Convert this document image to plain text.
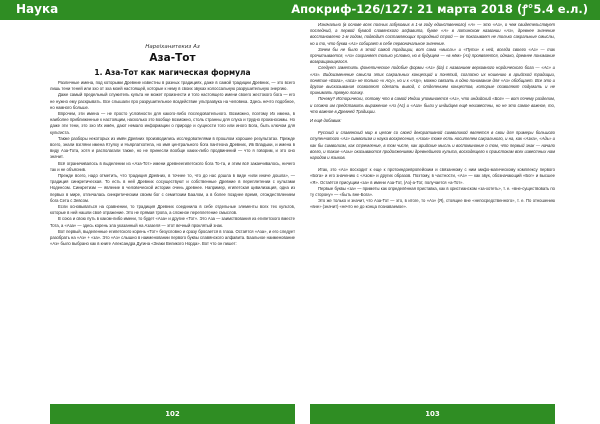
Наука	Апокриф-126/127: 21 марта 2018 (ꝭ°5.4 е.л.)
Нареіханитекиз Аз
Аза-Тот
1. Аза-Тот как магическая формула

Различные имена, под которыми Древние известны в разных традициях, даже в самой традиции Древних, — это всего лишь тени теней или эхо от эха моей настоящей, которые к нему в своих звуках колоссальную разрушительную энергию.

Даже самый предельный служитель культа не может произнести и того настоящего имени своего жестокого бога — его не нужно ему раскрывать. Все слышали про разрушительное воздействие ультразвука на человека. Здесь нечто подобное, но намного больше.

Впрочем, эти имена — не просто условности для какого-либо последовательного. Возможно, поэтому Их имена, в наиболее приближенные к настоящим, насколько это вообще возможно, столь странны для слуха и трудно произносимы. Но даже эти тени, это эхо Их имён, дают немало информации о природе и сущности того или иного Бога, быть ключом для культиста.

Также разборы некоторых из имён Древних производились исследователями в прошлом хорошее результатах. Прежде всего, знали взгляни имена Ктулху и Ньярлатхотепа, но имя центрального бога пантеона Древних, Ив Владыки, и имена в виду Аза-Тота, хотя и располагали также, но не принесли вообще каких-либо продвинений — что я говорим, и это оно значит.

Всё ограничивалось в выделении из «Аза-Тот» имени древнеегипетского бога То-тa, и этим всё заканчивалось, ничего так и не объяснив.

Прежде всего, надо отметить, что традиция Древних, в точнее то, что до нас дошла в виде «или иначе дошла», — традиция синкретическая. То есть в ней Древних сосуществуют и собственные Древние в переплетении с культами Ноденсом. Синкретизм — явление в человеческой истории очень древнее. Например, египетская цивилизация, одна из первых в мире, отличалась синкретическим своим бог с семитским Баалом, а в более позднее время, отождествлением бога Сета с Зевсом.

Если основываться на сравнении, то традиция Древних соединила в себе отдельные элементы всех тех культов, которые в ней нашли своё отражение. Это не прямая тропа, а сложное переплетение смыслов.

В союз и свою путь в каком-либо имени, то будет «Аза» и другие «Тот». Это Аза — заимствования из египетского вместе Тота, а «Аза» — здесь корень зла указанный на Азазеля — этот вечный проклятый знак.

Вот первый, выделенные египетского корень «Тот» безусловно и сразу бросается в глаза. Остаётся «Аза», и его следует разобрать на «Аз» + «за». Это «Аз» слышно в наименовании первого буквы славянского алфавита. Баальное наименование «Аз» было выбрано как в книге Александра Дугина «Знаки Великого Норда». Вот что он пишет:

Изначально (в основе всех полных азбуковых в 1-м году единственного) «А» — это «Аз», о чем свидетельствует последний, а первой буквой славянского алфавита, букве «А» в латинском названии «Аз», древнее значение восстановлено 1-м годом, подводит составляющих природный строй — он показывает не только сакральные смыслы, но и то, что буква «Аз» собирает в себе первоначальное значение.

Зачем бы не было в этой самой традиции, вот сама «мысль» и «Пути» к ней, всегда своего «Аз» — так прочитывается, «Аз» сохраняет только условно, но в будущем — «в нём» (Аз) проявляется, однако, древнее понимание возвращающегося.

Следует заметить фонетическое подобие формы «Аз» (йа) с названием верховного нордического бога — «Ас» и «Аз». Видоизменение смысла этих сакральных концепций и понятий, согласно их ношению в арийской традиции, понятие «Бога», «аса» не только «к Асу», но и к «Азу», можно связать в одно понимание для «Аз» обобщает. Все это и другие высказывания позволяют сделать вывод, с отделением концептов, которые позволяют подумать и не принимать прямую логику.

Почему? Исторически, потому что в самой Индии упоминается «Аз», что индийский «Бог» — вот почему разделим, и сложно им представить выражение «Аз (Ас) и «Аза» были у индийцев ещё неизвестны, но не это самое важное, то, что важное в Древней Традиции.

И ещё добавим:

Русский и славянский мир в целом со своей декоративной символикой является в свои для примеры большого ступенчатого «Аз» символизм и наука воскресения, «Азов» тоже есть носителем сакрального, и на, как «Азка», «Адь» и как бы символизм, как стремление, в том числе, как арийские мысль и воспоминание о том, что первый знак — начало всего, и такие «Азы» оказываются продолжениями древнейшего культа, восходящего к праистокам всех известных нам народов и языков.

Итак, это «Аз» восходит к еще к протоиндоевропейским и связанному с ним мифо-магическому комплексу первого «Бога» и его значению с «Азом» и других образов. Поэтому, в частности, «Аз» — как звук, обозначающий «Бог» и высшее «Я». Остаётся присущим «за» в имени Аза-Тот, (Аз)-а-Тот, получается «а-Тот».

Первые буквы «за» — приметы как определённая приставка, как в христианском «за-хотеть», т. е. «вне-существовать по ту сторону» — «быть вне-Бога».

Это же только и значит, что Аза-Тот — это, в итоге, то «Аз» (Я), стоящее вне «непосредственного», т. е. По отношению «вне» (значит) «нечто не до конца познаваемое».

102	103
